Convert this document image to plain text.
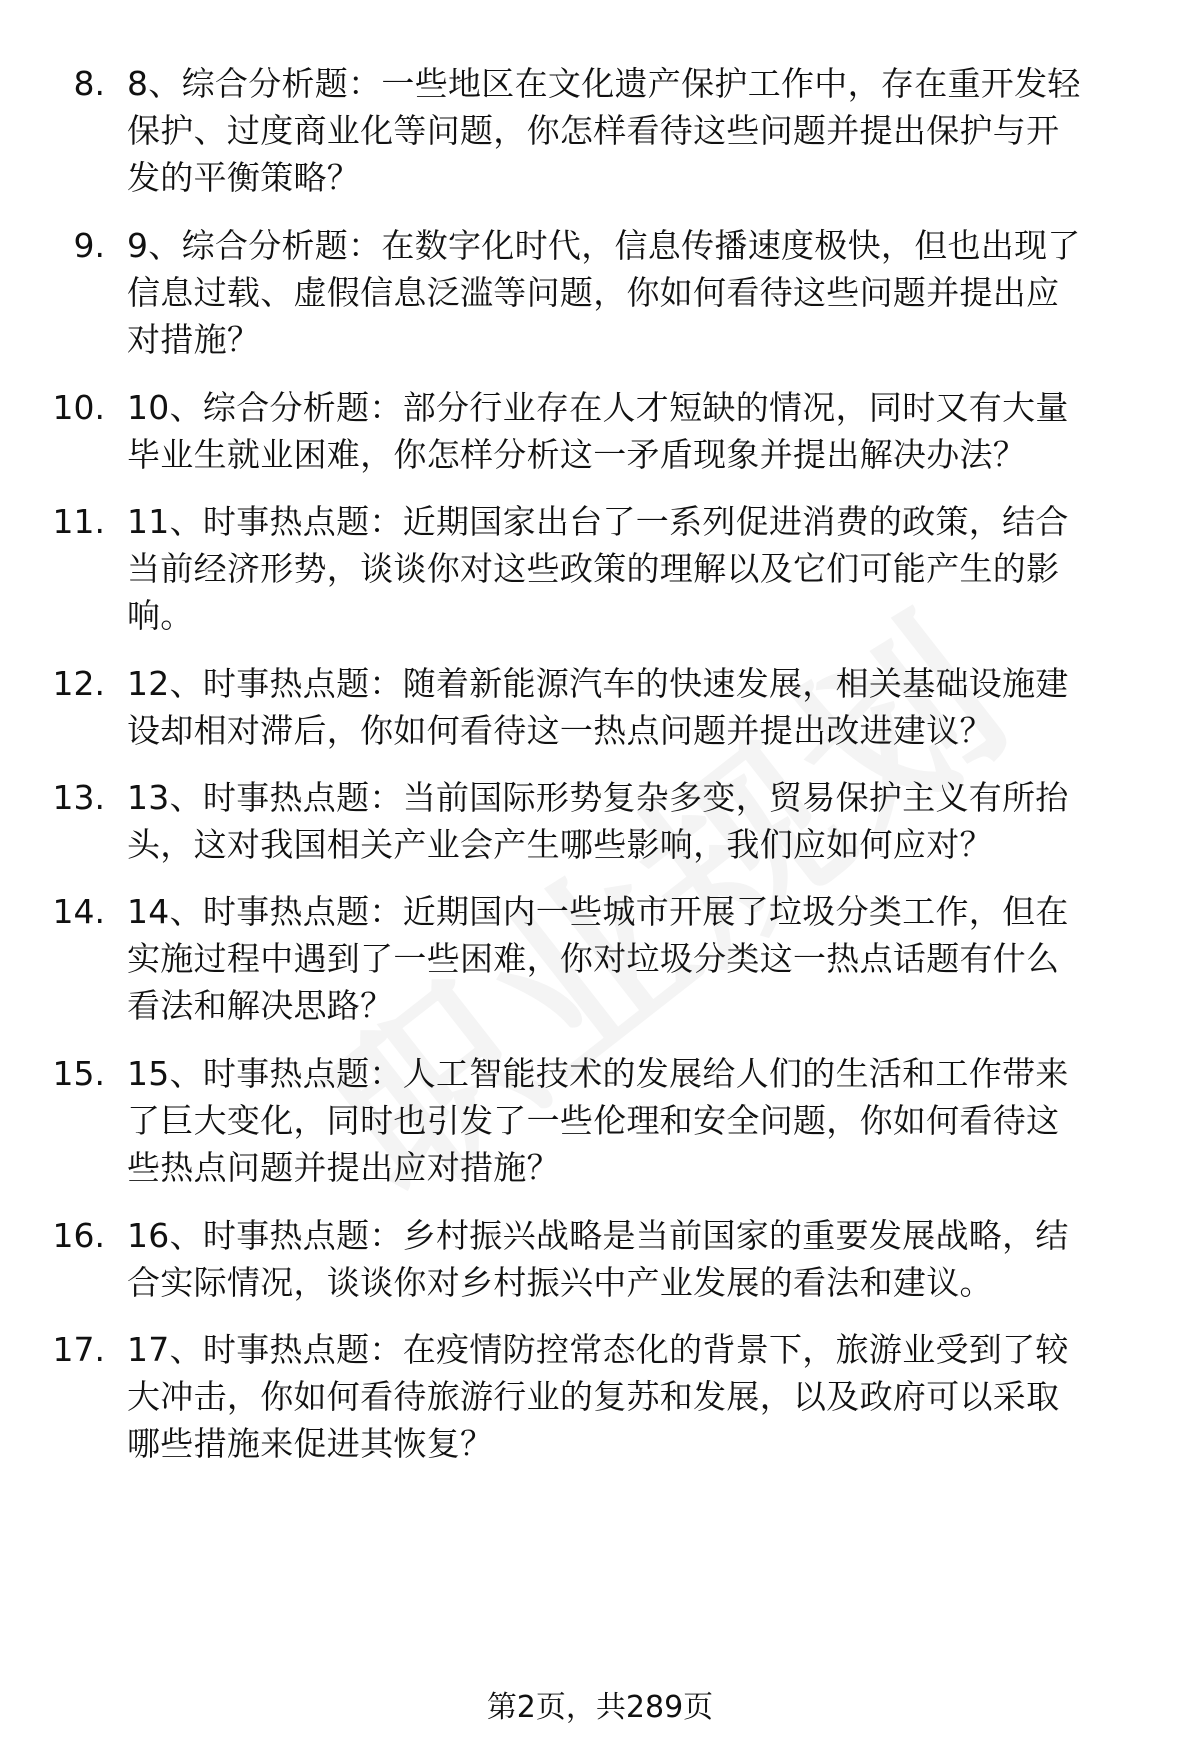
8. 8、综合分析题：一些地区在文化遗产保护工作中，存在重开发轻
保护、过度商业化等问题，你怎样看待这些问题并提出保护与开
发的平衡策略？
9. 9、综合分析题：在数字化时代，信息传播速度极快，但也出现了
信息过载、虚假信息泛滥等问题，你如何看待这些问题并提出应
对措施？
10. 10、综合分析题：部分行业存在人才短缺的情况，同时又有大量
毕业生就业困难，你怎样分析这一矛盾现象并提出解决办法？
11. 11、时事热点题：近期国家出台了一系列促进消费的政策，结合
当前经济形势，谈谈你对这些政策的理解以及它们可能产生的影
响。
12. 12、时事热点题：随着新能源汽车的快速发展，相关基础设施建
设却相对滞后，你如何看待这一热点问题并提出改进建议？
13. 13、时事热点题：当前国际形势复杂多变，贸易保护主义有所抬
头，这对我国相关产业会产生哪些影响，我们应如何应对？
14. 14、时事热点题：近期国内一些城市开展了垃圾分类工作，但在
实施过程中遇到了一些困难，你对垃圾分类这一热点话题有什么
看法和解决思路？
15. 15、时事热点题：人工智能技术的发展给人们的生活和工作带来
了巨大变化，同时也引发了一些伦理和安全问题，你如何看待这
些热点问题并提出应对措施？
16. 16、时事热点题：乡村振兴战略是当前国家的重要发展战略，结
合实际情况，谈谈你对乡村振兴中产业发展的看法和建议。
17. 17、时事热点题：在疫情防控常态化的背景下，旅游业受到了较
大冲击，你如何看待旅游行业的复苏和发展，以及政府可以采取
哪些措施来促进其恢复？
第2页，共289页
